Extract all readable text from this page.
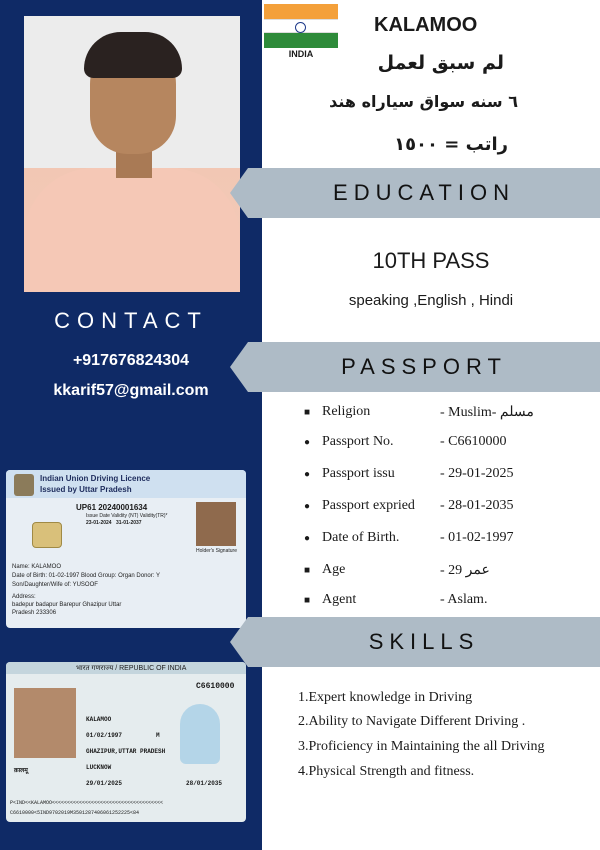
CONTACT
+917676824304
kkarif57@gmail.com
Indian Union Driving Licence
Issued by Uttar Pradesh
UP61 20240001634
Issue Date Validity (NT) Validity(TR)*
23-01-2024 31-01-2037
Holder's Signature
Name: KALAMOO
Date of Birth: 01-02-1997 Blood Group: Organ Donor: Y
Son/Daughter/Wife of: YUSOOF
Address:
badepur badapur Barepur Ghazipur Uttar
Pradesh 233306
भारत गणराज्य / REPUBLIC OF INDIA
C6610000
KALAMOO
01/02/1997	M
GHAZIPUR,UTTAR PRADESH
LUCKNOW
29/01/2025	28/01/2035
क़ालमू
P<IND<<KALAMOO<<<<<<<<<<<<<<<<<<<<<<<<<<<<<<<<<<<<<
C6610000<5IND9702019M3501287406061252225<84
INDIA
KALAMOO
لم سبق لعمل
٦ سنه سواق سياراه هند
راتب = ١٥٠٠
EDUCATION
10TH PASS
speaking ,English , Hindi
PASSPORT
■ Religion	- Muslim- مسلم
● Passport No.	- C6610000
● Passport issu	- 29-01-2025
● Passport expried - 28-01-2035
● Date of Birth.	- 01-02-1997
■ Age	- 29 عمر
■ Agent	- Aslam.
SKILLS
1.Expert knowledge in Driving
2.Ability to Navigate Different Driving .
3.Proficiency in Maintaining the all Driving
4.Physical Strength and fitness.
